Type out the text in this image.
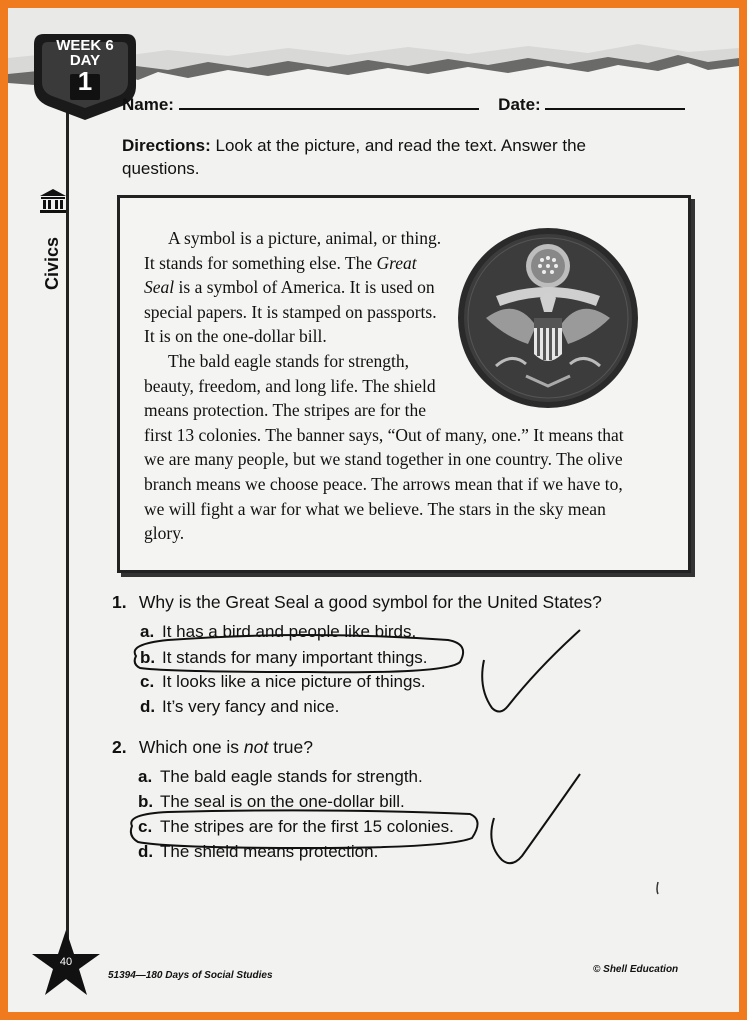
WEEK 6
DAY
1
Civics
Name:	Date:
Directions: Look at the picture, and read the text. Answer the questions.

A symbol is a picture, animal, or thing. It stands for something else. The Great Seal is a symbol of America. It is used on special papers. It is stamped on passports. It is on the one-dollar bill.

The bald eagle stands for strength, beauty, freedom, and long life. The shield means protection. The stripes are for the first 13 colonies. The banner says, “Out of many, one.” It means that we are many people, but we stand together in one country. The olive branch means we choose peace. The arrows mean that if we have to, we will fight a war for what we believe. The stars in the sky mean glory.

1. Why is the Great Seal a good symbol for the United States?
a. It has a bird and people like birds.
b. It stands for many important things.
c. It looks like a nice picture of things.
d. It’s very fancy and nice.
2. Which one is not true?
a. The bald eagle stands for strength.
b. The seal is on the one-dollar bill.
c. The stripes are for the first 15 colonies.
d. The shield means protection.
40
51394—180 Days of Social Studies
© Shell Education
